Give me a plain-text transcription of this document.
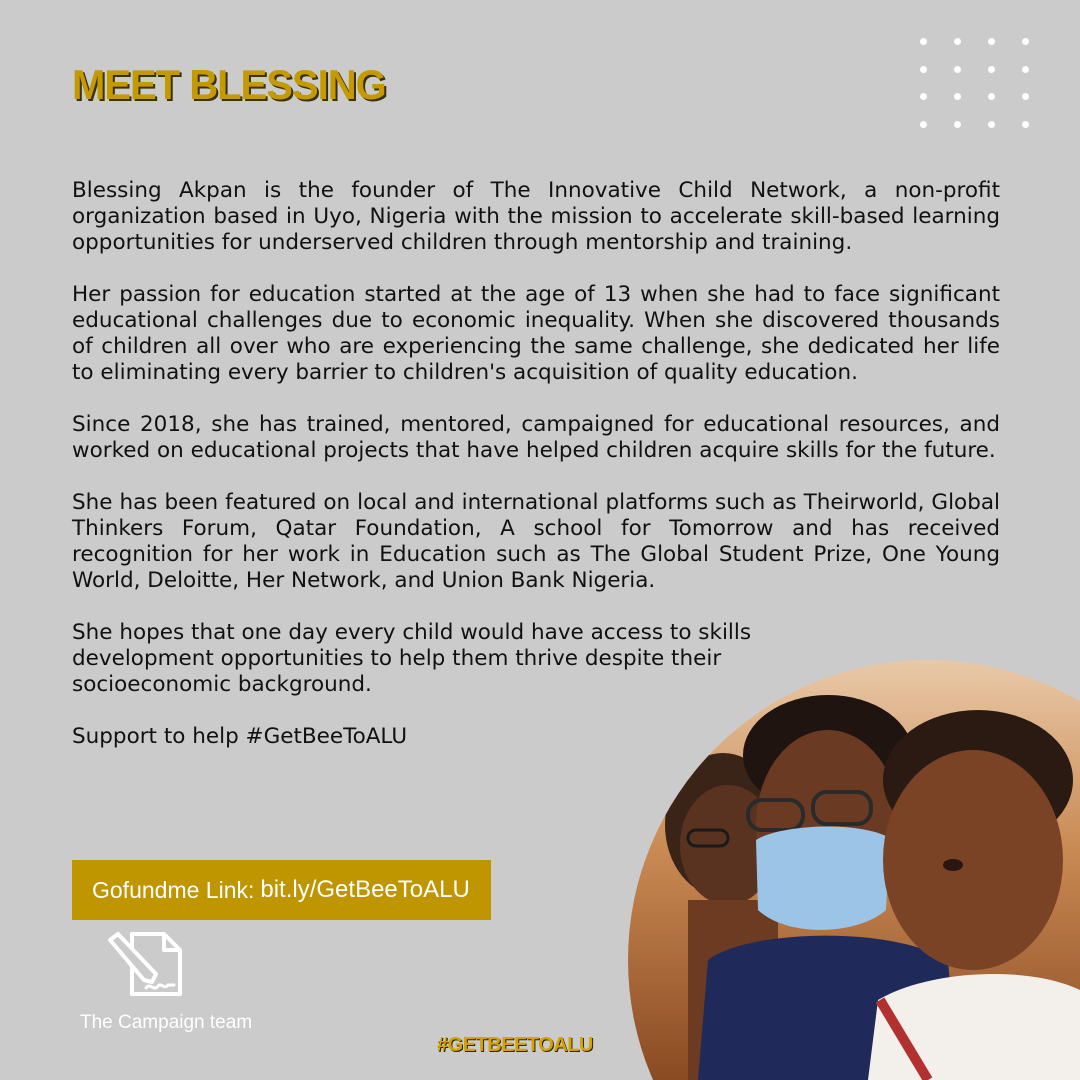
MEET BLESSING

Blessing Akpan is the founder of The Innovative Child Network, a non-profit organization based in Uyo, Nigeria with the mission to accelerate skill-based learning opportunities for underserved children through mentorship and training.

Her passion for education started at the age of 13 when she had to face significant educational challenges due to economic inequality. When she discovered thousands of children all over who are experiencing the same challenge, she dedicated her life to eliminating every barrier to children's acquisition of quality education.

Since 2018, she has trained, mentored, campaigned for educational resources, and worked on educational projects that have helped children acquire skills for the future.

She has been featured on local and international platforms such as Theirworld, Global Thinkers Forum, Qatar Foundation, A school for Tomorrow and has received recognition for her work in Education such as The Global Student Prize, One Young World, Deloitte, Her Network, and Union Bank Nigeria.

She hopes that one day every child would have access to skills development opportunities to help them thrive despite their socioeconomic background.

Support to help #GetBeeToALU

Gofundme Link: bit.ly/GetBeeToALU
The Campaign team
#GETBEETOALU
